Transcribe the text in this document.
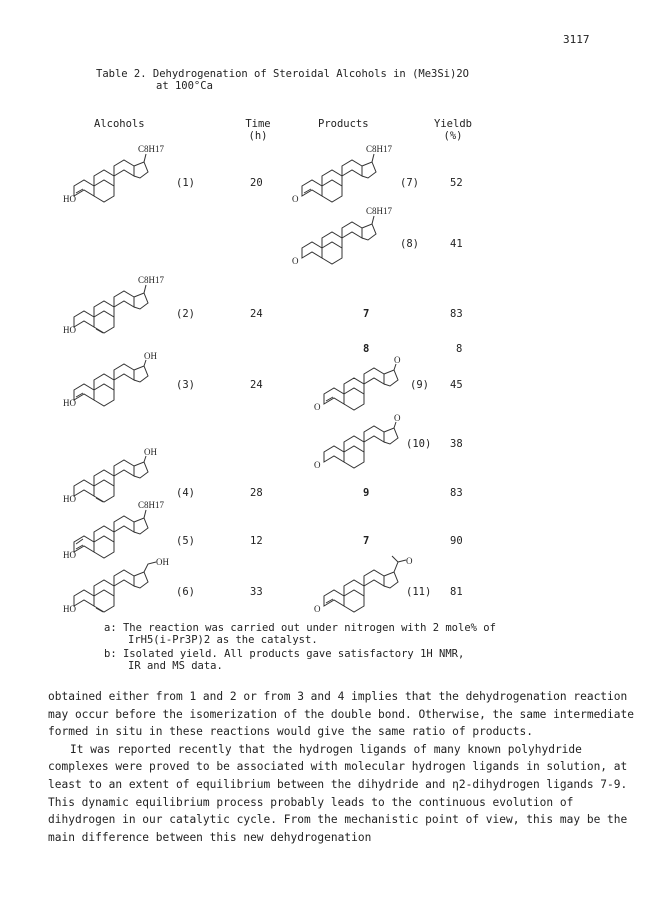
3117
Table 2. Dehydrogenation of Steroidal Alcohols in (Me3Si)2O
at 100°Ca
Alcohols	Time
(h)
Products	Yieldb
(%)
(1)	20	(7)	52
(8)	41
(2)	24	7	83
8	8
(3)	24	(9) 45
(10) 38
(4)	28	9	83
(5)	12	7	90
(6)	33	(11) 81
C8H17
HO
C8H17
O
C8H17
O
C8H17
HO
OH
HO
O
O
O
O
OH
HO
C8H17
HO
OH
HO
O
O
a: The reaction was carried out under nitrogen with 2 mole% of
IrH5(i-Pr3P)2 as the catalyst.
b: Isolated yield. All products gave satisfactory 1H NMR,
IR and MS data.

obtained either from 1 and 2 or from 3 and 4 implies that the dehydrogenation reaction may occur before the isomerization of the double bond. Otherwise, the same intermediate formed in situ in these reactions would give the same ratio of products.

It was reported recently that the hydrogen ligands of many known polyhydride complexes were proved to be associated with molecular hydrogen ligands in solution, at least to an extent of equilibrium between the dihydride and η2-dihydrogen ligands 7-9. This dynamic equilibrium process probably leads to the continuous evolution of dihydrogen in our catalytic cycle. From the mechanistic point of view, this may be the main difference between this new dehydrogenation
